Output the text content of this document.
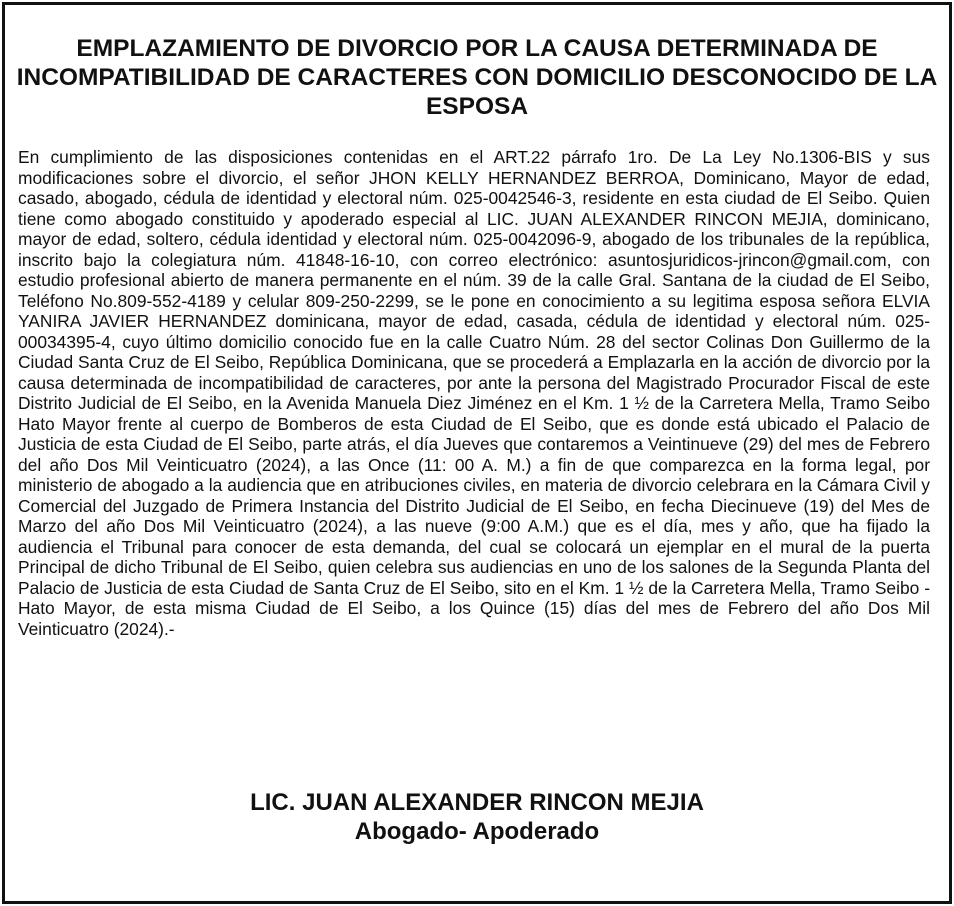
EMPLAZAMIENTO DE DIVORCIO POR LA CAUSA DETERMINADA DE INCOMPATIBILIDAD DE CARACTERES CON DOMICILIO DESCONOCIDO DE LA ESPOSA

En cumplimiento de las disposiciones contenidas en el ART.22 párrafo 1ro. De La Ley No.1306-BIS y sus modificaciones sobre el divorcio, el señor JHON KELLY HERNANDEZ BERROA, Dominicano, Mayor de edad, casado, abogado, cédula de identidad y electoral núm. 025-0042546-3, residente en esta ciudad de El Seibo. Quien tiene como abogado constituido y apoderado especial al LIC. JUAN ALEXANDER RINCON MEJIA, dominicano, mayor de edad, soltero, cédula identidad y electoral núm. 025-0042096-9, abogado de los tribunales de la república, inscrito bajo la colegiatura núm. 41848-16-10, con correo electrónico: asuntosjuridicos-jrincon@gmail.com, con estudio profesional abierto de manera permanente en el núm. 39 de la calle Gral. Santana de la ciudad de El Seibo, Teléfono No.809-552-4189 y celular 809-250-2299, se le pone en conocimiento a su legitima esposa señora ELVIA YANIRA JAVIER HERNANDEZ dominicana, mayor de edad, casada, cédula de identidad y electoral núm. 025-00034395-4, cuyo último domicilio conocido fue en la calle Cuatro Núm. 28 del sector Colinas Don Guillermo de la Ciudad Santa Cruz de El Seibo, República Dominicana, que se procederá a Emplazarla en la acción de divorcio por la causa determinada de incompatibilidad de caracteres, por ante la persona del Magistrado Procurador Fiscal de este Distrito Judicial de El Seibo, en la Avenida Manuela Diez Jiménez en el Km. 1 ½ de la Carretera Mella, Tramo Seibo Hato Mayor frente al cuerpo de Bomberos de esta Ciudad de El Seibo, que es donde está ubicado el Palacio de Justicia de esta Ciudad de El Seibo, parte atrás, el día Jueves que contaremos a Veintinueve (29) del mes de Febrero del año Dos Mil Veinticuatro (2024), a las Once (11: 00 A. M.) a fin de que comparezca en la forma legal, por ministerio de abogado a la audiencia que en atribuciones civiles, en materia de divorcio celebrara en la Cámara Civil y Comercial del Juzgado de Primera Instancia del Distrito Judicial de El Seibo, en fecha Diecinueve (19) del Mes de Marzo del año Dos Mil Veinticuatro (2024), a las nueve (9:00 A.M.) que es el día, mes y año, que ha fijado la audiencia el Tribunal para conocer de esta demanda, del cual se colocará un ejemplar en el mural de la puerta Principal de dicho Tribunal de El Seibo, quien celebra sus audiencias en uno de los salones de la Segunda Planta del Palacio de Justicia de esta Ciudad de Santa Cruz de El Seibo, sito en el Km. 1 ½ de la Carretera Mella, Tramo Seibo - Hato Mayor, de esta misma Ciudad de El Seibo, a los Quince (15) días del mes de Febrero del año Dos Mil Veinticuatro (2024).-

LIC. JUAN ALEXANDER RINCON MEJIA
Abogado- Apoderado
